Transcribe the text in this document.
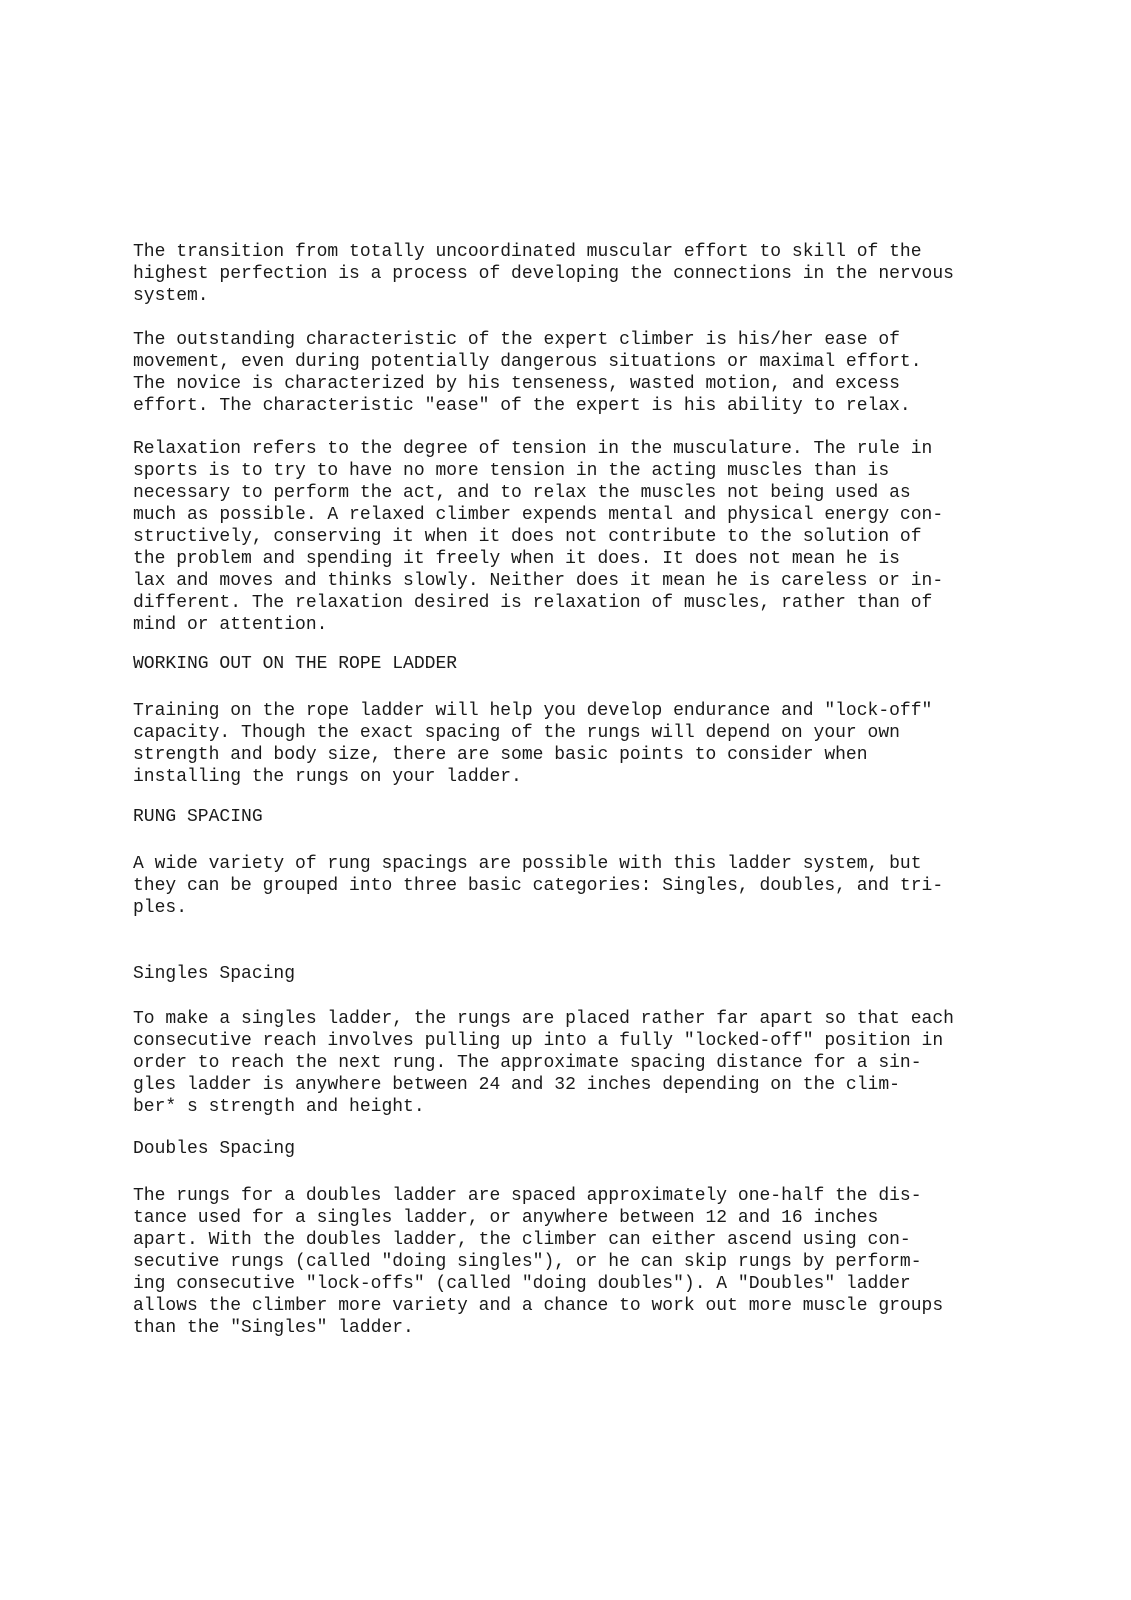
The transition from totally uncoordinated muscular effort to skill of the
highest perfection is a process of developing the connections in the nervous
system.

The outstanding characteristic of the expert climber is his/her ease of
movement, even during potentially dangerous situations or maximal effort.
The novice is characterized by his tenseness, wasted motion, and excess
effort. The characteristic "ease" of the expert is his ability to relax.

Relaxation refers to the degree of tension in the musculature. The rule in
sports is to try to have no more tension in the acting muscles than is
necessary to perform the act, and to relax the muscles not being used as
much as possible. A relaxed climber expends mental and physical energy con-
structively, conserving it when it does not contribute to the solution of
the problem and spending it freely when it does. It does not mean he is
lax and moves and thinks slowly. Neither does it mean he is careless or in-
different. The relaxation desired is relaxation of muscles, rather than of
mind or attention.

WORKING OUT ON THE ROPE LADDER

Training on the rope ladder will help you develop endurance and "lock-off"
capacity. Though the exact spacing of the rungs will depend on your own
strength and body size, there are some basic points to consider when
installing the rungs on your ladder.

RUNG SPACING

A wide variety of rung spacings are possible with this ladder system, but
they can be grouped into three basic categories: Singles, doubles, and tri-
ples.

Singles Spacing

To make a singles ladder, the rungs are placed rather far apart so that each
consecutive reach involves pulling up into a fully "locked-off" position in
order to reach the next rung. The approximate spacing distance for a sin-
gles ladder is anywhere between 24 and 32 inches depending on the clim-
ber* s strength and height.

Doubles Spacing

The rungs for a doubles ladder are spaced approximately one-half the dis-
tance used for a singles ladder, or anywhere between 12 and 16 inches
apart. With the doubles ladder, the climber can either ascend using con-
secutive rungs (called "doing singles"), or he can skip rungs by perform-
ing consecutive "lock-offs" (called "doing doubles"). A "Doubles" ladder
allows the climber more variety and a chance to work out more muscle groups
than the "Singles" ladder.
